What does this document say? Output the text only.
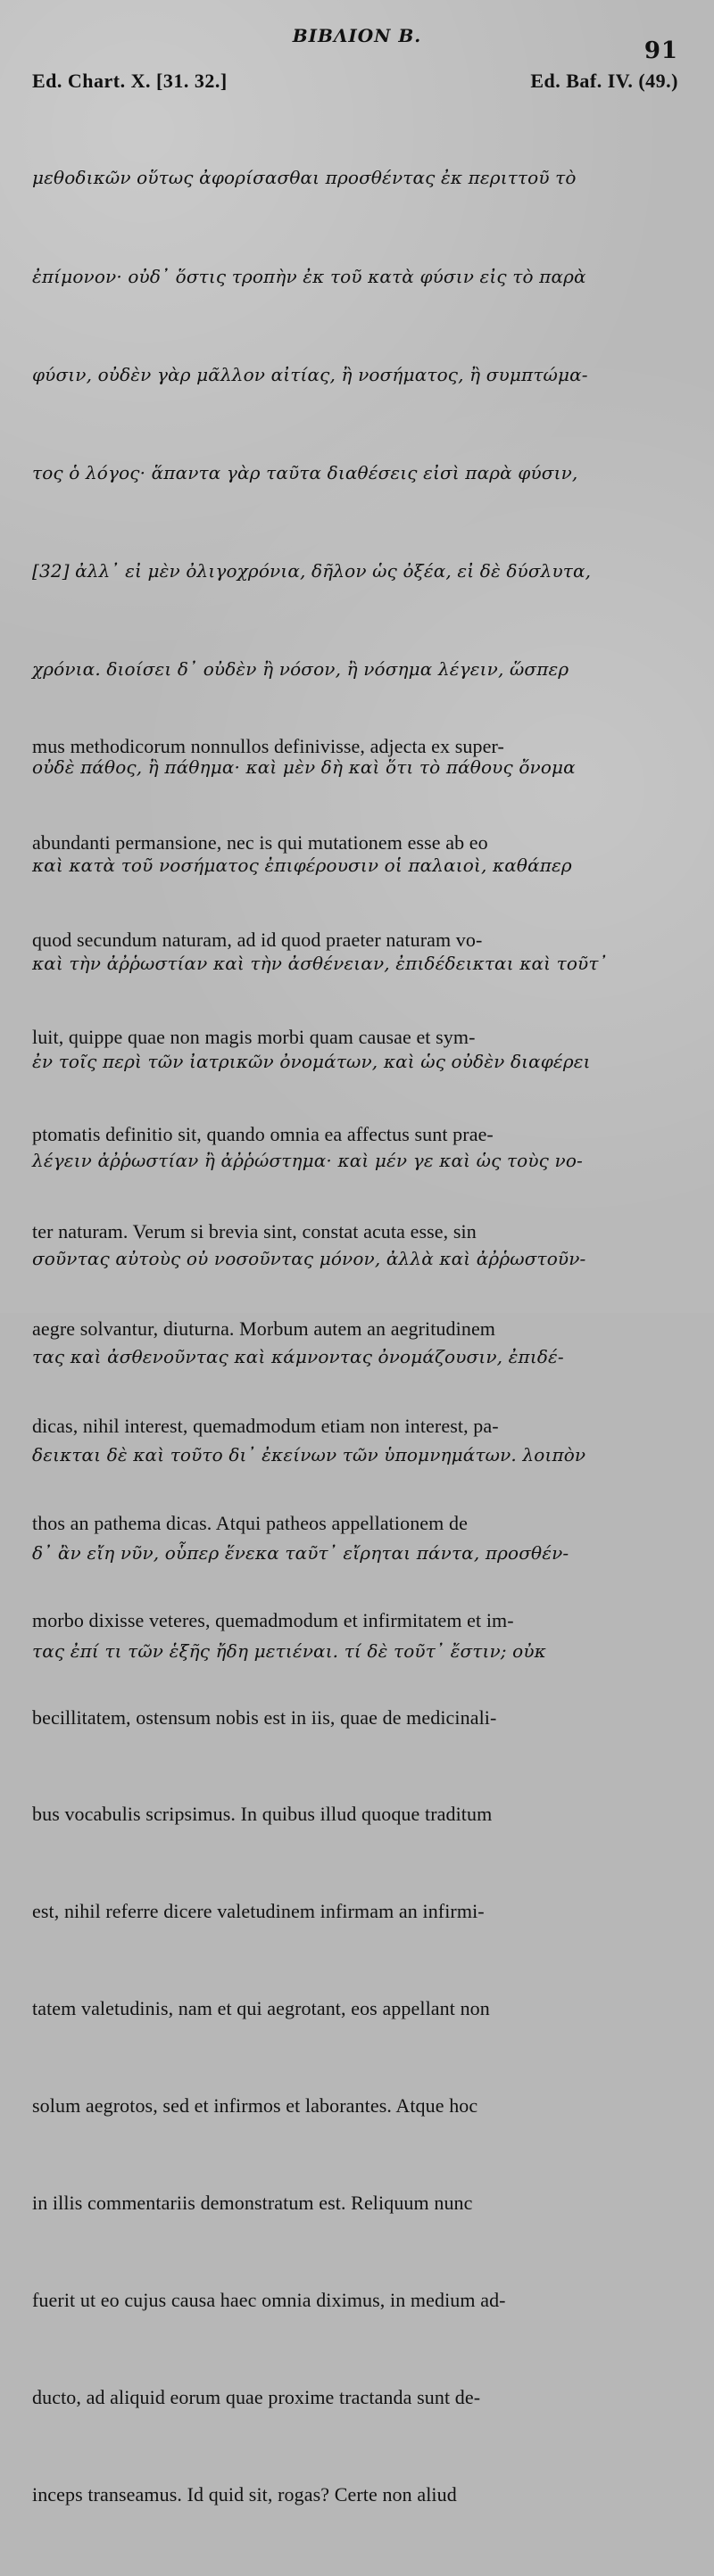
ΒΙΒΛΙΟΝ Β.
91
Ed. Chart. X. [31. 32.]	Ed. Baf. IV. (49.)

μεθοδικῶν οὕτως ἀφορίσασθαι προσθέντας ἐκ περιττοῦ τὸ

ἐπίμονον· οὐδ᾽ ὅστις τροπὴν ἐκ τοῦ κατὰ φύσιν εἰς τὸ παρὰ

φύσιν, οὐδὲν γὰρ μᾶλλον αἰτίας, ἢ νοσήματος, ἢ συμπτώμα-

τος ὁ λόγος· ἅπαντα γὰρ ταῦτα διαθέσεις εἰσὶ παρὰ φύσιν,

[32] ἀλλ᾽ εἰ μὲν ὀλιγοχρόνια, δῆλον ὡς ὀξέα, εἰ δὲ δύσλυτα,

χρόνια. διοίσει δ᾽ οὐδὲν ἢ νόσον, ἢ νόσημα λέγειν, ὥσπερ

οὐδὲ πάθος, ἢ πάθημα· καὶ μὲν δὴ καὶ ὅτι τὸ πάθους ὄνομα

καὶ κατὰ τοῦ νοσήματος ἐπιφέρουσιν οἱ παλαιοὶ, καθάπερ

καὶ τὴν ἀῤῥωστίαν καὶ τὴν ἀσθένειαν, ἐπιδέδεικται καὶ τοῦτ᾽

ἐν τοῖς περὶ τῶν ἰατρικῶν ὀνομάτων, καὶ ὡς οὐδὲν διαφέρει

λέγειν ἀῤῥωστίαν ἢ ἀῤῥώστημα· καὶ μέν γε καὶ ὡς τοὺς νο-

σοῦντας αὐτοὺς οὐ νοσοῦντας μόνον, ἀλλὰ καὶ ἀῤῥωστοῦν-

τας καὶ ἀσθενοῦντας καὶ κάμνοντας ὀνομάζουσιν, ἐπιδέ-

δεικται δὲ καὶ τοῦτο δι᾽ ἐκείνων τῶν ὑπομνημάτων. λοιπὸν

δ᾽ ἂν εἴη νῦν, οὗπερ ἕνεκα ταῦτ᾽ εἴρηται πάντα, προσθέν-

τας ἐπί τι τῶν ἑξῆς ἤδη μετιέναι. τί δὲ τοῦτ᾽ ἔστιν; οὐκ

mus methodicorum nonnullos definivisse, adjecta ex super-

abundanti permansione, nec is qui mutationem esse ab eo

quod secundum naturam, ad id quod praeter naturam vo-

luit, quippe quae non magis morbi quam causae et sym-

ptomatis definitio sit, quando omnia ea affectus sunt prae-

ter naturam. Verum si brevia sint, constat acuta esse, sin

aegre solvantur, diuturna. Morbum autem an aegritudinem

dicas, nihil interest, quemadmodum etiam non interest, pa-

thos an pathema dicas. Atqui patheos appellationem de

morbo dixisse veteres, quemadmodum et infirmitatem et im-

becillitatem, ostensum nobis est in iis, quae de medicinali-

bus vocabulis scripsimus. In quibus illud quoque traditum

est, nihil referre dicere valetudinem infirmam an infirmi-

tatem valetudinis, nam et qui aegrotant, eos appellant non

solum aegrotos, sed et infirmos et laborantes. Atque hoc

in illis commentariis demonstratum est. Reliquum nunc

fuerit ut eo cujus causa haec omnia diximus, in medium ad-

ducto, ad aliquid eorum quae proxime tractanda sunt de-

inceps transeamus. Id quid sit, rogas? Certe non aliud
